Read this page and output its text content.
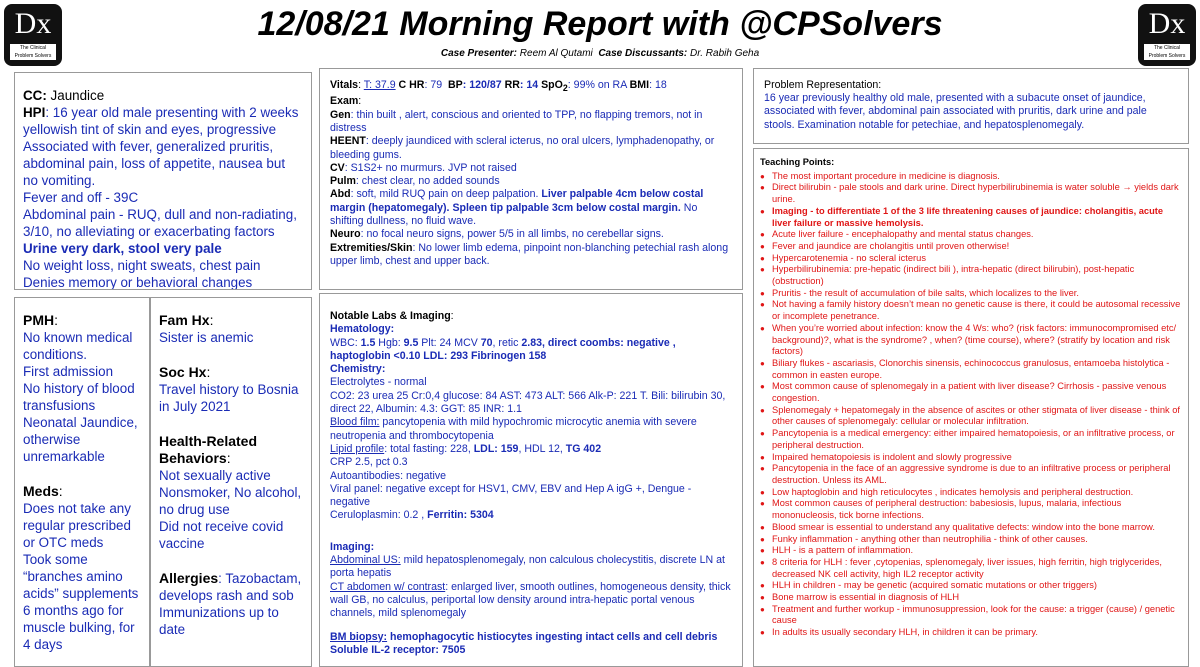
Dx
The Clinical Problem Solvers
Dx
The Clinical Problem Solvers
12/08/21 Morning Report with @CPSolvers
Case Presenter: Reem Al Qutami Case Discussants: Dr. Rabih Geha

CC: Jaundice

HPI: 16 year old male presenting with 2 weeks yellowish tint of skin and eyes, progressive

Associated with fever, generalized pruritis, abdominal pain, loss of appetite, nausea but no vomiting.

Fever and off - 39C

Abdominal pain - RUQ, dull and non-radiating, 3/10, no alleviating or exacerbating factors

Urine very dark, stool very pale

No weight loss, night sweats, chest pain

Denies memory or behavioral changes

PMH:

No known medical conditions.

First admission

No history of blood transfusions

Neonatal Jaundice, otherwise unremarkable

Meds:

Does not take any regular prescribed or OTC meds

Took some “branches amino acids” supplements 6 months ago for muscle bulking, for 4 days

Fam Hx:

Sister is anemic

Soc Hx:

Travel history to Bosnia in July 2021

Health-Related Behaviors:

Not sexually active

Nonsmoker, No alcohol, no drug use

Did not receive covid vaccine

Allergies: Tazobactam, develops rash and sob

Immunizations up to date

Vitals: T: 37.9 C HR: 79 BP: 120/87 RR: 14 SpO$_2$: 99% on RA BMI: 18

Exam:

Gen: thin built , alert, conscious and oriented to TPP, no flapping tremors, not in distress

HEENT: deeply jaundiced with scleral icterus, no oral ulcers, lymphadenopathy, or bleeding gums.

CV: S1S2+ no murmurs. JVP not raised

Pulm: chest clear, no added sounds

Abd: soft, mild RUQ pain on deep palpation. Liver palpable 4cm below costal margin (hepatomegaly). Spleen tip palpable 3cm below costal margin. No shifting dullness, no fluid wave.

Neuro: no focal neuro signs, power 5/5 in all limbs, no cerebellar signs.

Extremities/Skin: No lower limb edema, pinpoint non-blanching petechial rash along upper limb, chest and upper back.

Notable Labs & Imaging:

Hematology:

WBC: 1.5 Hgb: 9.5 Plt: 24 MCV 70, retic 2.83, direct coombs: negative , haptoglobin <0.10 LDL: 293 Fibrinogen 158

Chemistry:

Electrolytes - normal

CO2: 23 urea 25 Cr:0,4 glucose: 84 AST: 473 ALT: 566 Alk-P: 221 T. Bili: bilirubin 30, direct 22, Albumin: 4.3: GGT: 85 INR: 1.1

Blood film: pancytopenia with mild hypochromic microcytic anemia with severe neutropenia and thrombocytopenia

Lipid profile: total fasting: 228, LDL: 159, HDL 12, TG 402

CRP 2.5, pct 0.3

Autoantibodies: negative

Viral panel: negative except for HSV1, CMV, EBV and Hep A igG +, Dengue - negative

Ceruloplasmin: 0.2 , Ferritin: 5304

Imaging:

Abdominal US: mild hepatosplenomegaly, non calculous cholecystitis, discrete LN at porta hepatis

CT abdomen w/ contrast: enlarged liver, smooth outlines, homogeneous density, thick wall GB, no calculus, periportal low density around intra-hepatic portal venous channels, mild splenomegaly

BM biopsy: hemophagocytic histiocytes ingesting intact cells and cell debris

Soluble IL-2 receptor: 7505

Problem Representation:

16 year previously healthy old male, presented with a subacute onset of jaundice, associated with fever, abdominal pain associated with pruritis, dark urine and pale stools. Examination notable for petechiae, and hepatosplenomegaly.

Teaching Points:

● The most important procedure in medicine is diagnosis.
● Direct bilirubin - pale stools and dark urine. Direct hyperbilirubinemia is water soluble → yields dark urine.
● Imaging - to differentiate 1 of the 3 life threatening causes of jaundice: cholangitis, acute liver failure or massive hemolysis.
● Acute liver failure - encephalopathy and mental status changes.
● Fever and jaundice are cholangitis until proven otherwise!
● Hypercarotenemia - no scleral icterus
● Hyperbilirubinemia: pre-hepatic (indirect bili ), intra-hepatic (direct bilirubin), post-hepatic (obstruction)
● Pruritis - the result of accumulation of bile salts, which localizes to the liver.
● Not having a family history doesn’t mean no genetic cause is there, it could be autosomal recessive or incomplete penetrance.
● When you’re worried about infection: know the 4 Ws: who? (risk factors: immunocompromised etc/ background)?, what is the syndrome? , when? (time course), where? (stratify by location and risk factors)
● Biliary flukes - ascariasis, Clonorchis sinensis, echinococcus granulosus, entamoeba histolytica - common in easten europe.
● Most common cause of splenomegaly in a patient with liver disease? Cirrhosis - passive venous congestion.
● Splenomegaly + hepatomegaly in the absence of ascites or other stigmata of liver disease - think of other causes of splenomegaly: cellular or molecular infiltration.
● Pancytopenia is a medical emergency: either impaired hematopoiesis, or an infiltrative process, or peripheral destruction.
● Impaired hematopoiesis is indolent and slowly progressive
● Pancytopenia in the face of an aggressive syndrome is due to an infiltrative process or peripheral destruction. Unless its AML.
● Low haptoglobin and high reticulocytes , indicates hemolysis and peripheral destruction.
● Most common causes of peripheral destruction: babesiosis, lupus, malaria, infectious mononucleosis, tick borne infections.
● Blood smear is essential to understand any qualitative defects: window into the bone marrow.
● Funky inflammation - anything other than neutrophilia - think of other causes.
● HLH - is a pattern of inflammation.
● 8 criteria for HLH : fever ,cytopenias, splenomegaly, liver issues, high ferritin, high triglycerides, decreased NK cell activity, high IL2 receptor activity
● HLH in children - may be genetic (acquired somatic mutations or other triggers)
● Bone marrow is essential in diagnosis of HLH
● Treatment and further workup - immunosuppression, look for the cause: a trigger (cause) / genetic cause
● In adults its usually secondary HLH, in children it can be primary.
